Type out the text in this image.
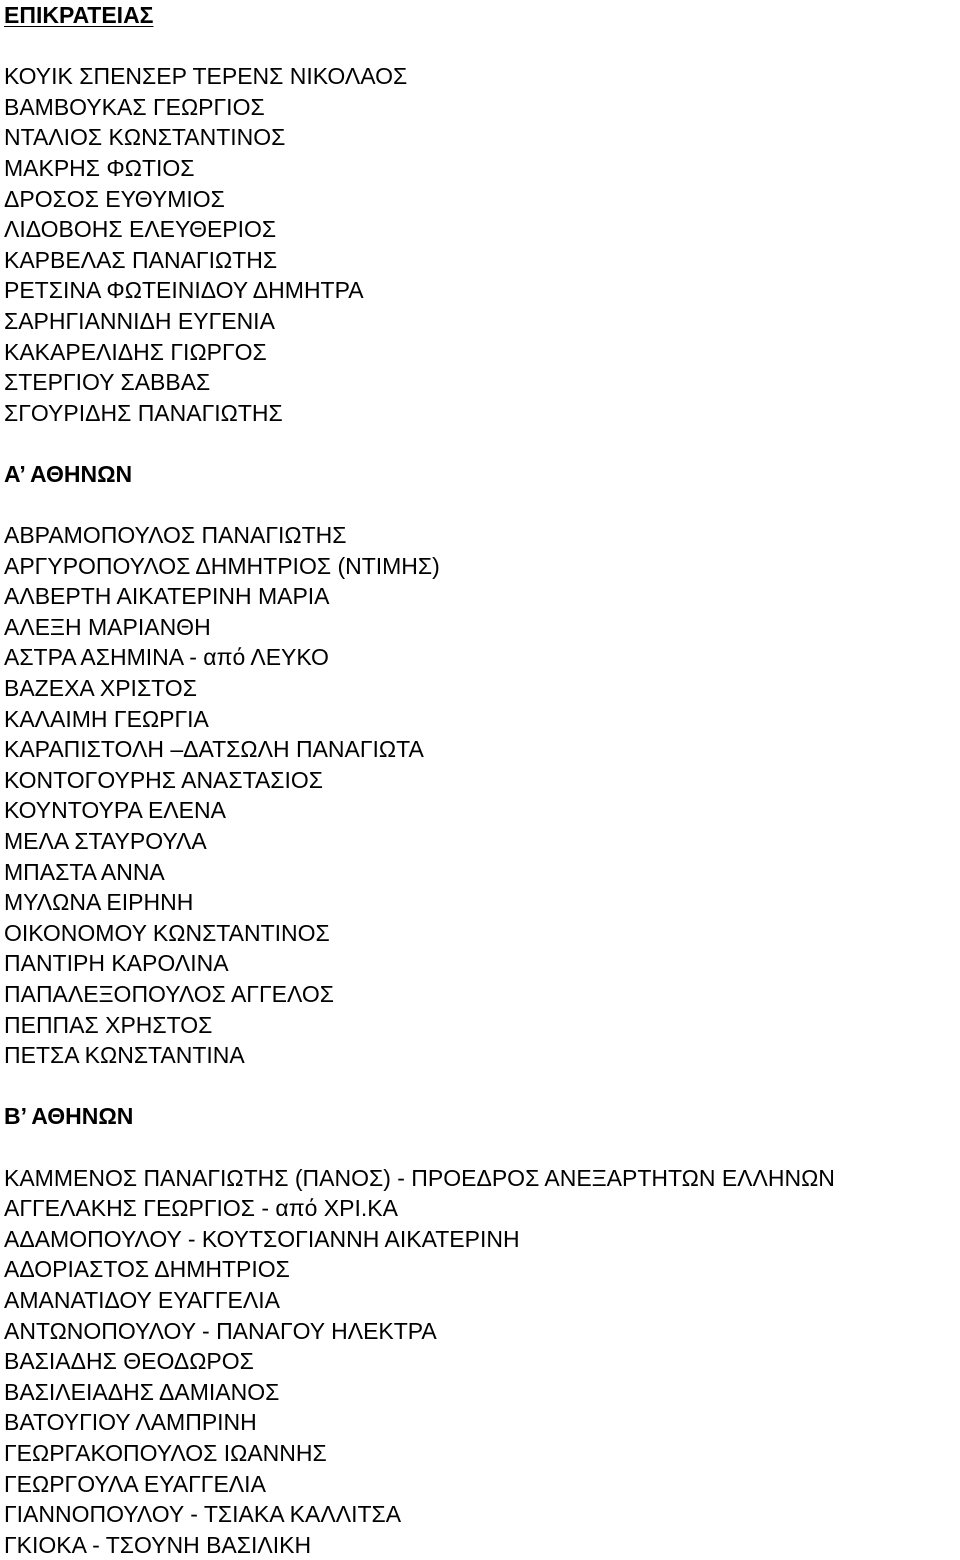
ΕΠΙΚΡΑΤΕΙΑΣ
ΚΟΥΙΚ ΣΠΕΝΣΕΡ ΤΕΡΕΝΣ ΝΙΚΟΛΑΟΣ
ΒΑΜΒΟΥΚΑΣ ΓΕΩΡΓΙΟΣ
ΝΤΑΛΙΟΣ ΚΩΝΣΤΑΝΤΙΝΟΣ
ΜΑΚΡΗΣ ΦΩΤΙΟΣ
ΔΡΟΣΟΣ ΕΥΘΥΜΙΟΣ
ΛΙΔΟΒΟΗΣ ΕΛΕΥΘΕΡΙΟΣ
ΚΑΡΒΕΛΑΣ ΠΑΝΑΓΙΩΤΗΣ
ΡΕΤΣΙΝΑ ΦΩΤΕΙΝΙΔΟΥ ΔΗΜΗΤΡΑ
ΣΑΡΗΓΙΑΝΝΙΔΗ ΕΥΓΕΝΙΑ
ΚΑΚΑΡΕΛΙΔΗΣ ΓΙΩΡΓΟΣ
ΣΤΕΡΓΙΟΥ ΣΑΒΒΑΣ
ΣΓΟΥΡΙΔΗΣ ΠΑΝΑΓΙΩΤΗΣ
Α’ ΑΘΗΝΩΝ
ΑΒΡΑΜΟΠΟΥΛΟΣ ΠΑΝΑΓΙΩΤΗΣ
ΑΡΓΥΡΟΠΟΥΛΟΣ ΔΗΜΗΤΡΙΟΣ (ΝΤΙΜΗΣ)
ΑΛΒΕΡΤΗ ΑΙΚΑΤΕΡΙΝΗ ΜΑΡΙΑ
ΑΛΕΞΗ ΜΑΡΙΑΝΘΗ
ΑΣΤΡΑ ΑΣΗΜΙΝΑ - από ΛΕΥΚΟ
ΒΑΖΕΧΑ ΧΡΙΣΤΟΣ
ΚΑΛΑΙΜΗ ΓΕΩΡΓΙΑ
ΚΑΡΑΠΙΣΤΟΛΗ –ΔΑΤΣΩΛΗ ΠΑΝΑΓΙΩΤΑ
ΚΟΝΤΟΓΟΥΡΗΣ ΑΝΑΣΤΑΣΙΟΣ
ΚΟΥΝΤΟΥΡΑ ΕΛΕΝΑ
ΜΕΛΑ ΣΤΑΥΡΟΥΛΑ
ΜΠΑΣΤΑ ΑΝΝΑ
ΜΥΛΩΝΑ ΕΙΡΗΝΗ
ΟΙΚΟΝΟΜΟΥ ΚΩΝΣΤΑΝΤΙΝΟΣ
ΠΑΝΤΙΡΗ ΚΑΡΟΛΙΝΑ
ΠΑΠΑΛΕΞΟΠΟΥΛΟΣ ΑΓΓΕΛΟΣ
ΠΕΠΠΑΣ ΧΡΗΣΤΟΣ
ΠΕΤΣΑ ΚΩΝΣΤΑΝΤΙΝΑ
Β’ ΑΘΗΝΩΝ
ΚΑΜΜΕΝΟΣ ΠΑΝΑΓΙΩΤΗΣ (ΠΑΝΟΣ) - ΠΡΟΕΔΡΟΣ ΑΝΕΞΑΡΤΗΤΩΝ ΕΛΛΗΝΩΝ
ΑΓΓΕΛΑΚΗΣ ΓΕΩΡΓΙΟΣ - από ΧΡΙ.ΚΑ
ΑΔΑΜΟΠΟΥΛΟΥ - ΚΟΥΤΣΟΓΙΑΝΝΗ ΑΙΚΑΤΕΡΙΝΗ
ΑΔΟΡΙΑΣΤΟΣ ΔΗΜΗΤΡΙΟΣ
ΑΜΑΝΑΤΙΔΟΥ ΕΥΑΓΓΕΛΙΑ
ΑΝΤΩΝΟΠΟΥΛΟΥ - ΠΑΝΑΓΟΥ ΗΛΕΚΤΡΑ
ΒΑΣΙΑΔΗΣ ΘΕΟΔΩΡΟΣ
ΒΑΣΙΛΕΙΑΔΗΣ ΔΑΜΙΑΝΟΣ
ΒΑΤΟΥΓΙΟΥ ΛΑΜΠΡΙΝΗ
ΓΕΩΡΓΑΚΟΠΟΥΛΟΣ ΙΩΑΝΝΗΣ
ΓΕΩΡΓΟΥΛΑ ΕΥΑΓΓΕΛΙΑ
ΓΙΑΝΝΟΠΟΥΛΟΥ - ΤΣΙΑΚΑ ΚΑΛΛΙΤΣΑ
ΓΚΙΟΚΑ - ΤΣΟΥΝΗ ΒΑΣΙΛΙΚΗ
